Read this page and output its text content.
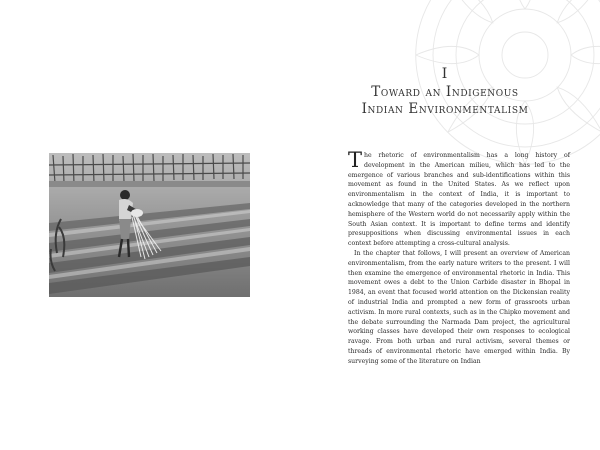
I
Toward an Indigenous
Indian Environmentalism

The rhetoric of environmentalism has a long history of development in the American milieu, which has led to the emergence of various branches and sub-identifications within this movement as found in the United States. As we reflect upon environmentalism in the context of India, it is important to acknowledge that many of the categories developed in the northern hemisphere of the Western world do not necessarily apply within the South Asian context. It is important to define terms and identify presuppositions when discussing environmental issues in each context before attempting a cross-cultural analysis.

In the chapter that follows, I will present an overview of American environmentalism, from the early nature writers to the present. I will then examine the emergence of environmental rhetoric in India. This movement owes a debt to the Union Carbide disaster in Bhopal in 1984, an event that focused world attention on the Dickensian reality of industrial India and prompted a new form of grassroots urban activism. In more rural contexts, such as in the Chipko movement and the debate surrounding the Narmada Dam project, the agricultural working classes have developed their own responses to ecological ravage. From both urban and rural activism, several themes or threads of environmental rhetoric have emerged within India. By surveying some of the literature on Indian
